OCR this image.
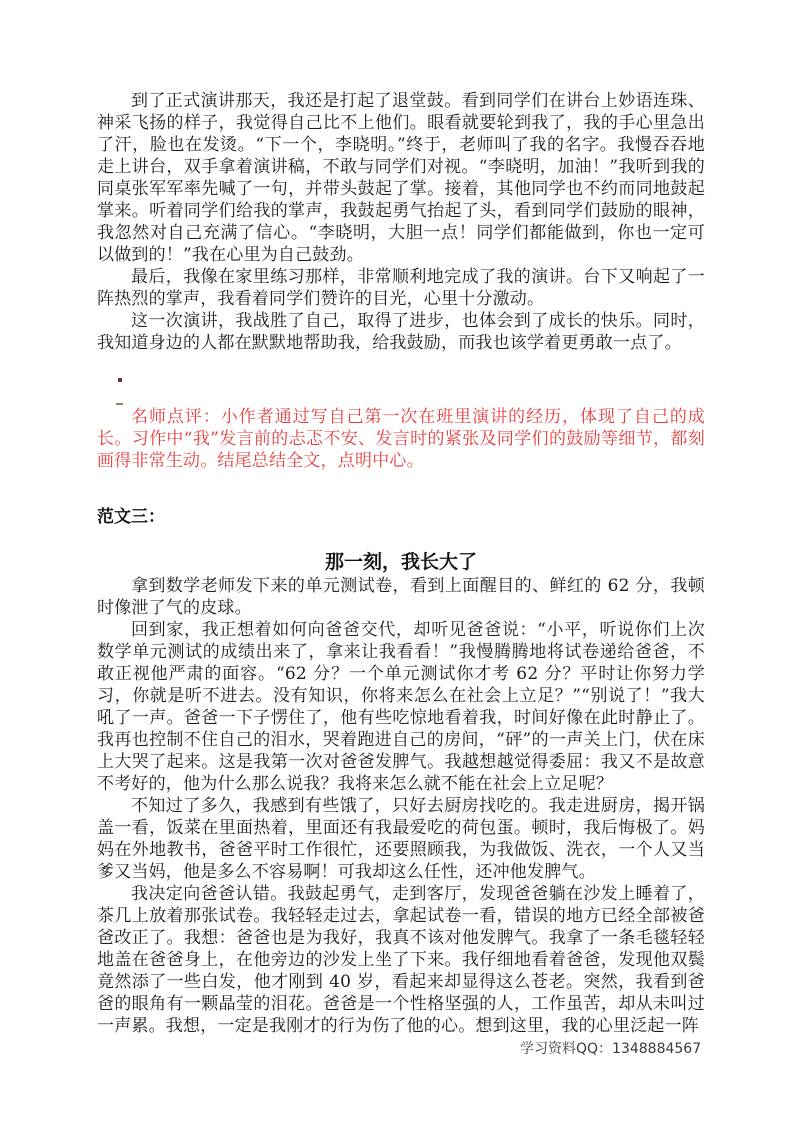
到了正式演讲那天，我还是打起了退堂鼓。看到同学们在讲台上妙语连珠、神采飞扬的样子，我觉得自己比不上他们。眼看就要轮到我了，我的手心里急出了汗，脸也在发烫。“下一个，李晓明。”终于，老师叫了我的名字。我慢吞吞地走上讲台，双手拿着演讲稿，不敢与同学们对视。“李晓明，加油！”我听到我的同桌张军军率先喊了一句，并带头鼓起了掌。接着，其他同学也不约而同地鼓起掌来。听着同学们给我的掌声，我鼓起勇气抬起了头，看到同学们鼓励的眼神，我忽然对自己充满了信心。“李晓明，大胆一点！同学们都能做到，你也一定可以做到的！”我在心里为自己鼓劲。

最后，我像在家里练习那样，非常顺利地完成了我的演讲。台下又响起了一阵热烈的掌声，我看着同学们赞许的目光，心里十分激动。

这一次演讲，我战胜了自己，取得了进步，也体会到了成长的快乐。同时，我知道身边的人都在默默地帮助我，给我鼓励，而我也该学着更勇敢一点了。

名师点评：小作者通过写自己第一次在班里演讲的经历，体现了自己的成长。习作中“我”发言前的忐忑不安、发言时的紧张及同学们的鼓励等细节，都刻画得非常生动。结尾总结全文，点明中心。

范文三：

那一刻，我长大了

拿到数学老师发下来的单元测试卷，看到上面醒目的、鲜红的 62 分，我顿时像泄了气的皮球。

回到家，我正想着如何向爸爸交代，却听见爸爸说：“小平，听说你们上次数学单元测试的成绩出来了，拿来让我看看！”我慢腾腾地将试卷递给爸爸，不敢正视他严肃的面容。“62 分？一个单元测试你才考 62 分？平时让你努力学习，你就是听不进去。没有知识，你将来怎么在社会上立足？”“别说了！”我大吼了一声。爸爸一下子愣住了，他有些吃惊地看着我，时间好像在此时静止了。我再也控制不住自己的泪水，哭着跑进自己的房间，“砰”的一声关上门，伏在床上大哭了起来。这是我第一次对爸爸发脾气。我越想越觉得委屈：我又不是故意不考好的，他为什么那么说我？我将来怎么就不能在社会上立足呢？

不知过了多久，我感到有些饿了，只好去厨房找吃的。我走进厨房，揭开锅盖一看，饭菜在里面热着，里面还有我最爱吃的荷包蛋。顿时，我后悔极了。妈妈在外地教书，爸爸平时工作很忙，还要照顾我，为我做饭、洗衣，一个人又当爹又当妈，他是多么不容易啊！可我却这么任性，还冲他发脾气。

我决定向爸爸认错。我鼓起勇气，走到客厅，发现爸爸躺在沙发上睡着了，茶几上放着那张试卷。我轻轻走过去，拿起试卷一看，错误的地方已经全部被爸爸改正了。我想：爸爸也是为我好，我真不该对他发脾气。我拿了一条毛毯轻轻地盖在爸爸身上，在他旁边的沙发上坐了下来。我仔细地看着爸爸，发现他双鬓竟然添了一些白发，他才刚到 40 岁，看起来却显得这么苍老。突然，我看到爸爸的眼角有一颗晶莹的泪花。爸爸是一个性格坚强的人，工作虽苦，却从未叫过一声累。我想，一定是我刚才的行为伤了他的心。想到这里，我的心里泛起一阵

学习资料QQ：1348884567
